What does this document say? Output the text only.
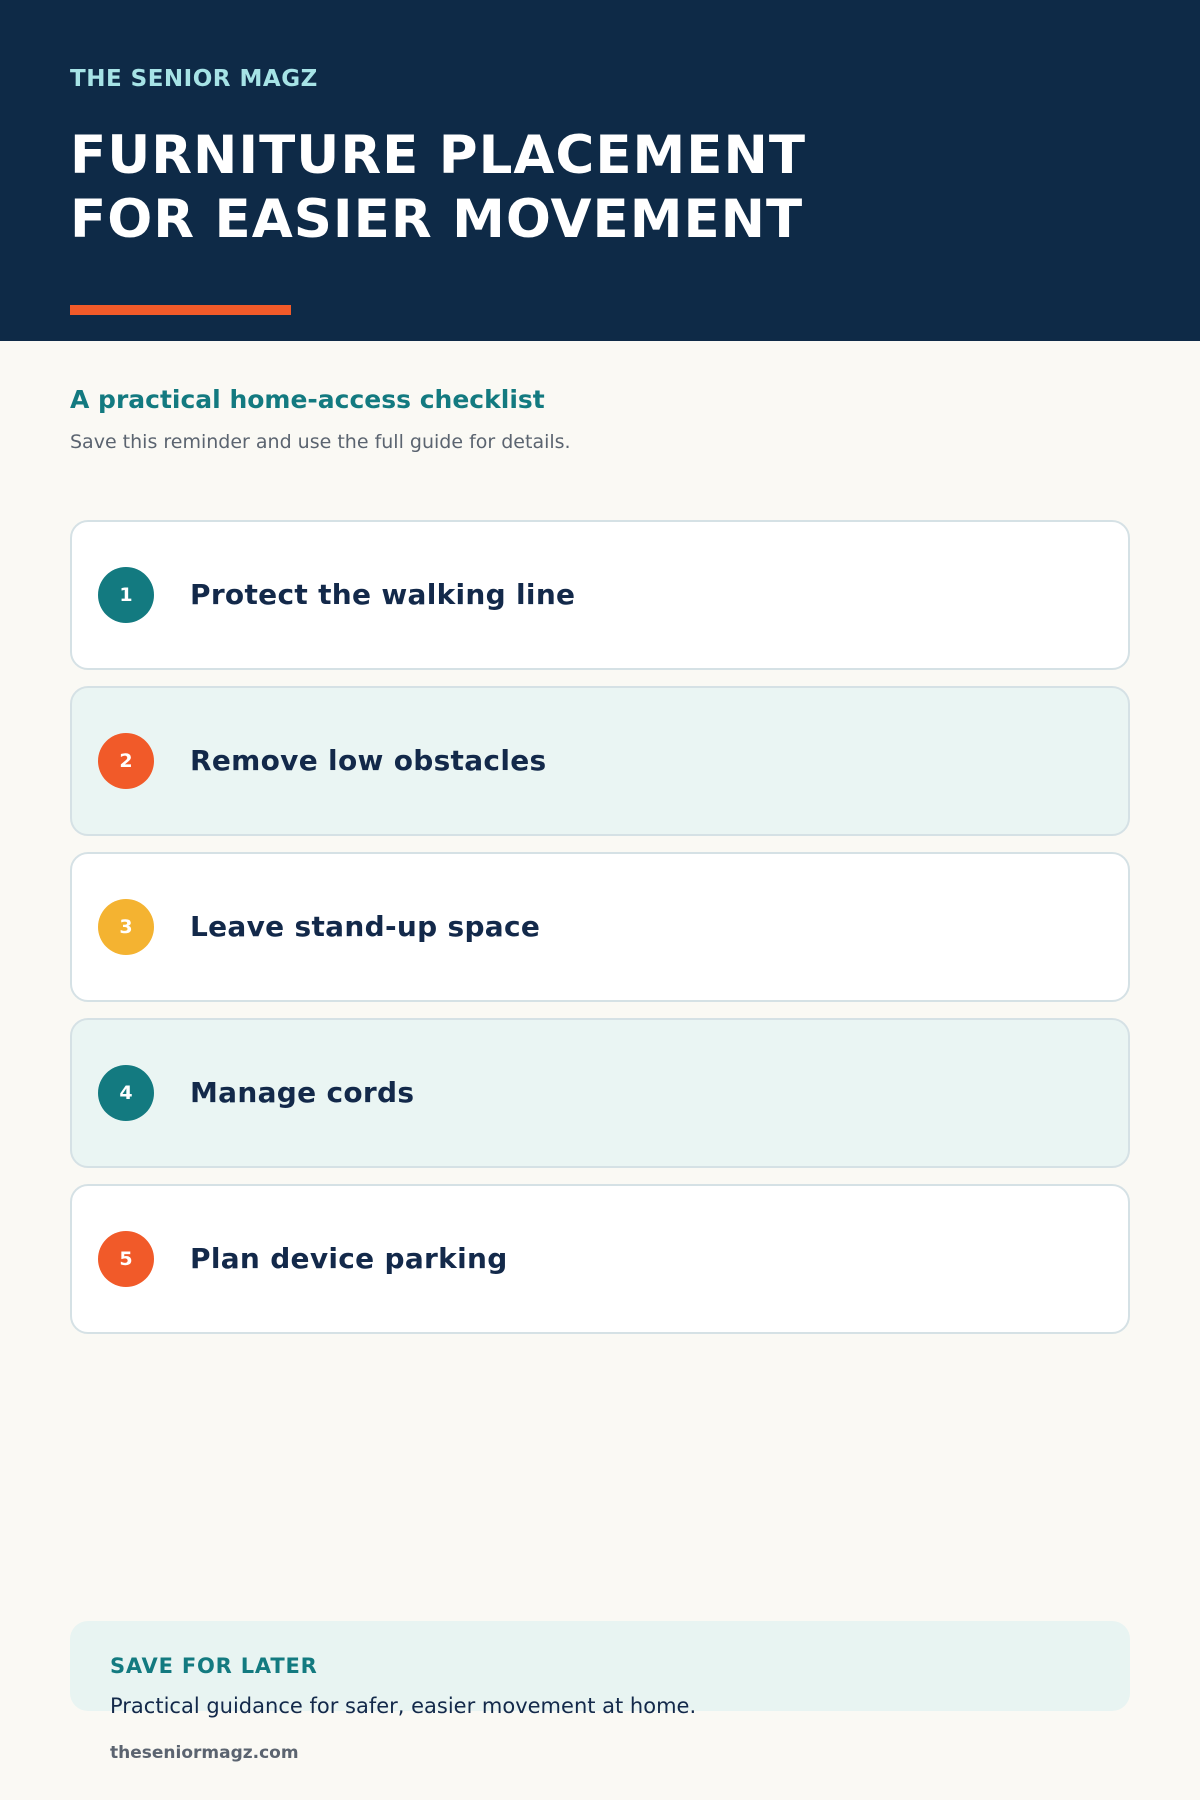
THE SENIOR MAGZ
FURNITURE PLACEMENT
FOR EASIER MOVEMENT
A practical home-access checklist
Save this reminder and use the full guide for details.
1	Protect the walking line
2	Remove low obstacles
3	Leave stand-up space
4	Manage cords
5	Plan device parking
SAVE FOR LATER
Practical guidance for safer, easier movement at home.
theseniormagz.com
